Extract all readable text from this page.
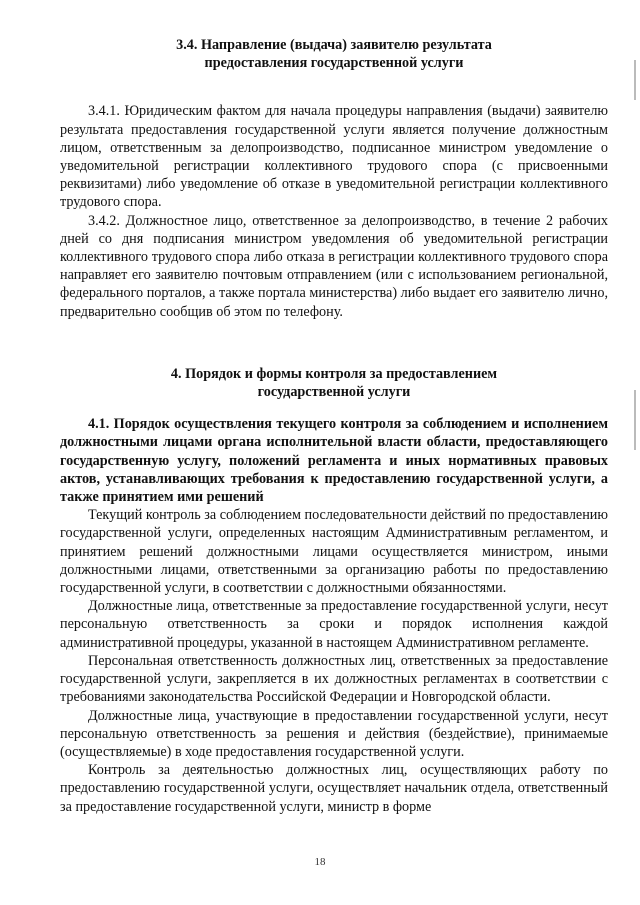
3.4. Направление (выдача) заявителю результата
предоставления государственной услуги

3.4.1. Юридическим фактом для начала процедуры направления (выдачи) заявителю результата предоставления государственной услуги является получение должностным лицом, ответственным за делопроизводство, подписанное министром уведомление о уведомительной регистрации коллективного трудового спора (с присвоенными реквизитами) либо уведомление об отказе в уведомительной регистрации коллективного трудового спора.

3.4.2. Должностное лицо, ответственное за делопроизводство, в течение 2 рабочих дней со дня подписания министром уведомления об уведомительной регистрации коллективного трудового спора либо отказа в регистрации коллективного трудового спора направляет его заявителю почтовым отправлением (или с использованием региональной, федерального порталов, а также портала министерства) либо выдает его заявителю лично, предварительно сообщив об этом по телефону.

4. Порядок и формы контроля за предоставлением
государственной услуги

4.1. Порядок осуществления текущего контроля за соблюдением и исполнением должностными лицами органа исполнительной власти области, предоставляющего государственную услугу, положений регламента и иных нормативных правовых актов, устанавливающих требования к предоставлению государственной услуги, а также принятием ими решений

Текущий контроль за соблюдением последовательности действий по предоставлению государственной услуги, определенных настоящим Административным регламентом, и принятием решений должностными лицами осуществляется министром, иными должностными лицами, ответственными за организацию работы по предоставлению государственной услуги, в соответствии с должностными обязанностями.

Должностные лица, ответственные за предоставление государственной услуги, несут персональную ответственность за сроки и порядок исполнения каждой административной процедуры, указанной в настоящем Административном регламенте.

Персональная ответственность должностных лиц, ответственных за предоставление государственной услуги, закрепляется в их должностных регламентах в соответствии с требованиями законодательства Российской Федерации и Новгородской области.

Должностные лица, участвующие в предоставлении государственной услуги, несут персональную ответственность за решения и действия (бездействие), принимаемые (осуществляемые) в ходе предоставления государственной услуги.

Контроль за деятельностью должностных лиц, осуществляющих работу по предоставлению государственной услуги, осуществляет начальник отдела, ответственный за предоставление государственной услуги, министр в форме

18
